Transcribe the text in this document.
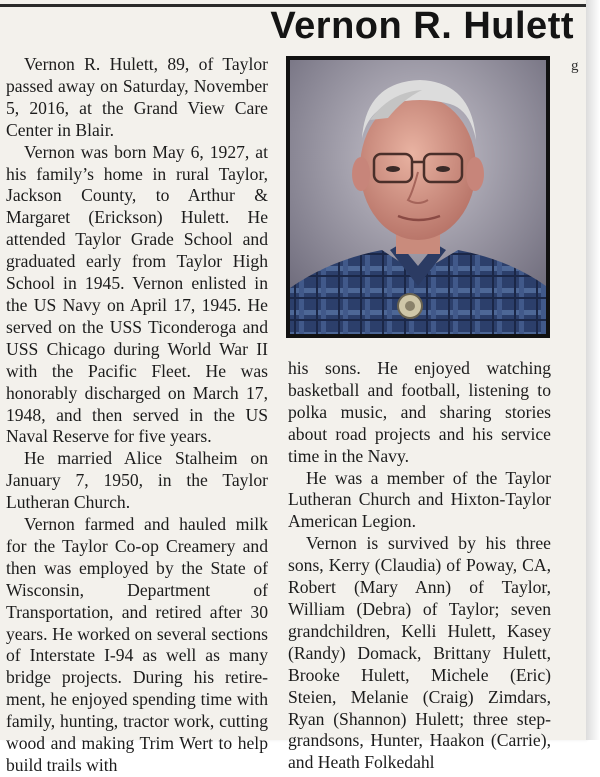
Vernon R. Hulett

Vernon R. Hulett, 89, of Taylor passed away on Saturday, November 5, 2016, at the Grand View Care Center in Blair.

Vernon was born May 6, 1927, at his family’s home in rural Taylor, Jackson County, to Arthur & Margaret (Erickson) Hulett. He attended Taylor Grade School and graduated early from Taylor High School in 1945. Vernon enlisted in the US Navy on April 17, 1945. He served on the USS Ticonderoga and USS Chicago during World War II with the Pacific Fleet. He was honorably discharged on March 17, 1948, and then served in the US Naval Reserve for five years.

He married Alice Stalheim on January 7, 1950, in the Taylor Lutheran Church.

Vernon farmed and hauled milk for the Taylor Co-op Creamery and then was employed by the State of Wisconsin, Department of Transportation, and retired after 30 years. He worked on several sections of Interstate I-94 as well as many bridge projects. During his retirement, he enjoyed spending time with family, hunting, tractor work, cutting wood and making Trim Wert to help build trails with

g

his sons. He enjoyed watching basketball and football, listening to polka music, and sharing stories about road projects and his service time in the Navy.

He was a member of the Taylor Lutheran Church and Hixton-Taylor American Legion.

Vernon is survived by his three sons, Kerry (Claudia) of Poway, CA, Robert (Mary Ann) of Taylor, William (Debra) of Taylor; seven grandchildren, Kelli Hulett, Kasey (Randy) Domack, Brittany Hulett, Brooke Hulett, Michele (Eric) Steien, Melanie (Craig) Zimdars, Ryan (Shannon) Hulett; three step-grandsons, Hunter, Haakon (Carrie), and Heath Folkedahl
